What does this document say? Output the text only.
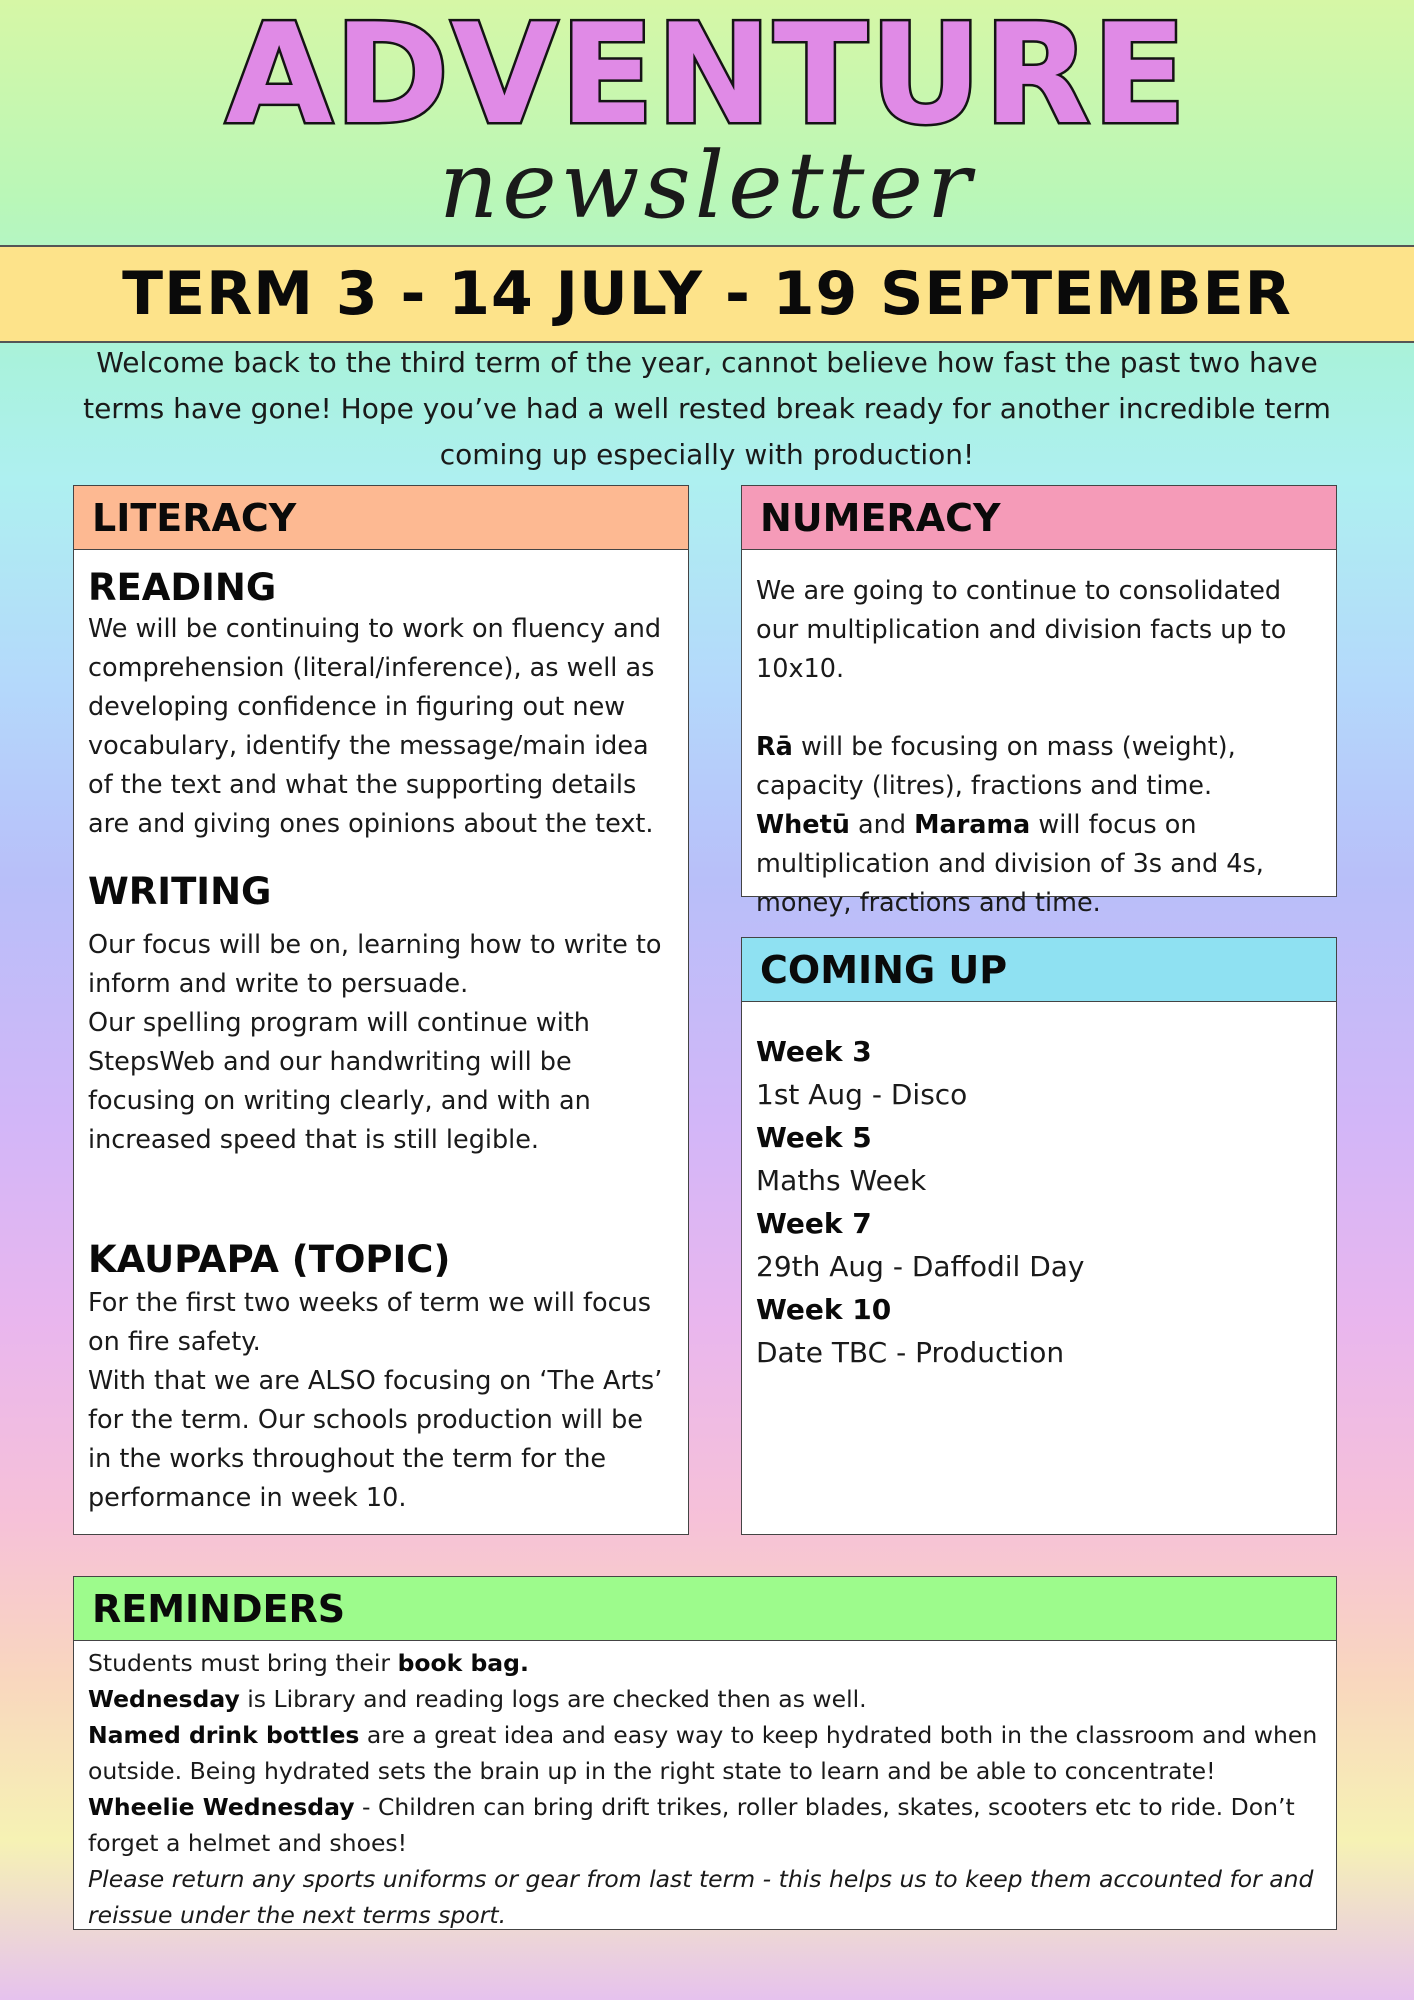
ADVENTURE
newsletter
TERM 3 - 14 JULY - 19 SEPTEMBER
Welcome back to the third term of the year, cannot believe how fast the past two have terms have gone! Hope you’ve had a well rested break ready for another incredible term coming up especially with production!
LITERACY
READING
We will be continuing to work on fluency and comprehension (literal/inference), as well as developing confidence in figuring out new vocabulary, identify the message/main idea of the text and what the supporting details are and giving ones opinions about the text.
WRITING
Our focus will be on, learning how to write to inform and write to persuade.
Our spelling program will continue with StepsWeb and our handwriting will be focusing on writing clearly, and with an increased speed that is still legible.
KAUPAPA (TOPIC)
For the first two weeks of term we will focus on fire safety.
With that we are ALSO focusing on ‘The Arts’ for the term. Our schools production will be in the works throughout the term for the performance in week 10.
NUMERACY
We are going to continue to consolidated our multiplication and division facts up to 10x10.
Rā will be focusing on mass (weight), capacity (litres), fractions and time.
Whetū and Marama will focus on multiplication and division of 3s and 4s, money, fractions and time.
COMING UP
Week 3
1st Aug - Disco
Week 5
Maths Week
Week 7
29th Aug - Daffodil Day
Week 10
Date TBC - Production
REMINDERS
Students must bring their book bag.
Wednesday is Library and reading logs are checked then as well.
Named drink bottles are a great idea and easy way to keep hydrated both in the classroom and when outside. Being hydrated sets the brain up in the right state to learn and be able to concentrate!
Wheelie Wednesday - Children can bring drift trikes, roller blades, skates, scooters etc to ride. Don’t forget a helmet and shoes!
Please return any sports uniforms or gear from last term - this helps us to keep them accounted for and reissue under the next terms sport.
